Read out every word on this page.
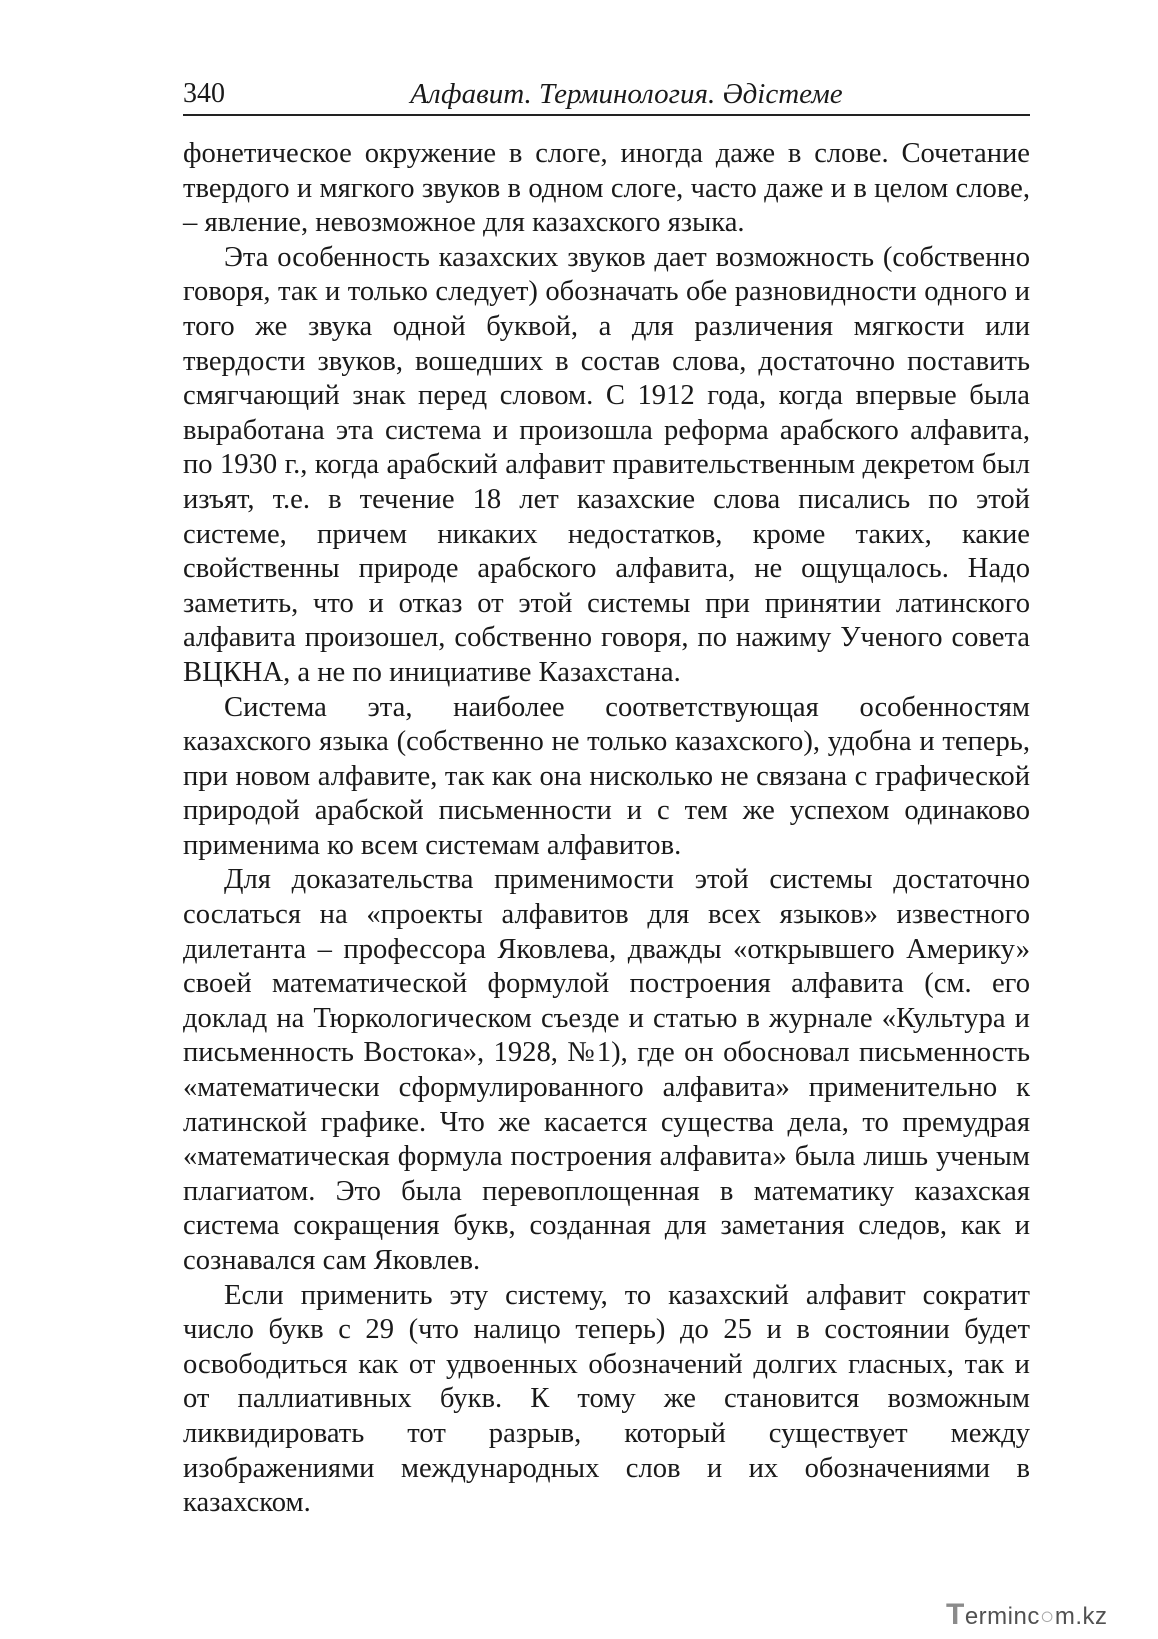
340	Алфавит. Терминология. Әдістеме

фонетическое окружение в слоге, иногда даже в слове. Сочетание твердого и мягкого звуков в одном слоге, часто даже и в целом слове, – явление, невозможное для казахского языка.

Эта особенность казахских звуков дает возможность (собственно говоря, так и только следует) обозначать обе разновидности одного и того же звука одной буквой, а для различения мягкости или твердости звуков, вошедших в состав слова, достаточно поставить смягчающий знак перед словом. С 1912 года, когда впервые была выработана эта система и произошла реформа арабского алфавита, по 1930 г., когда арабский алфавит правительственным декретом был изъят, т.е. в течение 18 лет казахские слова писались по этой системе, причем никаких недостатков, кроме таких, какие свойственны природе арабского алфавита, не ощущалось. Надо заметить, что и отказ от этой системы при принятии латинского алфавита произошел, собственно говоря, по нажиму Ученого совета ВЦКНА, а не по инициативе Казахстана.

Система эта, наиболее соответствующая особенностям казахского языка (собственно не только казахского), удобна и теперь, при новом алфавите, так как она нисколько не связана с графической природой арабской письменности и с тем же успехом одинаково применима ко всем системам алфавитов.

Для доказательства применимости этой системы достаточно сослаться на «проекты алфавитов для всех языков» известного дилетанта – профессора Яковлева, дважды «открывшего Америку» своей математической формулой построения алфавита (см. его доклад на Тюркологическом съезде и статью в журнале «Культура и письменность Востока», 1928, №1), где он обосновал письменность «математически сформулированного алфавита» применительно к латинской графике. Что же касается существа дела, то премудрая «математическая формула построения алфавита» была лишь ученым плагиатом. Это была перевоплощенная в математику казахская система сокращения букв, созданная для заметания следов, как и сознавался сам Яковлев.

Если применить эту систему, то казахский алфавит сократит число букв с 29 (что налицо теперь) до 25 и в состоянии будет освободиться как от удвоенных обозначений долгих гласных, так и от паллиативных букв. К тому же становится возможным ликвидировать тот разрыв, который существует между изображениями международных слов и их обозначениями в казахском.

Terminc○m.kz
